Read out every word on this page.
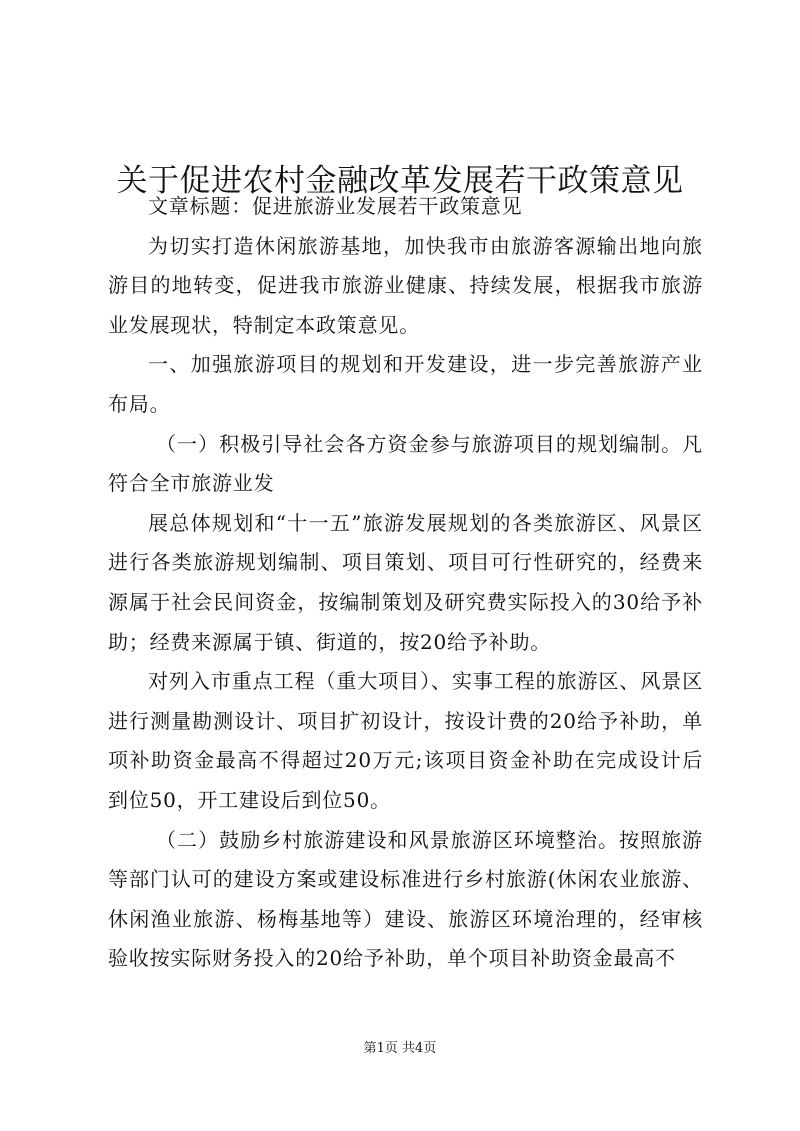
关于促进农村金融改革发展若干政策意见

文章标题：促进旅游业发展若干政策意见

为切实打造休闲旅游基地，加快我市由旅游客源输出地向旅游目的地转变，促进我市旅游业健康、持续发展，根据我市旅游业发展现状，特制定本政策意见。

一、加强旅游项目的规划和开发建设，进一步完善旅游产业布局。

（一）积极引导社会各方资金参与旅游项目的规划编制。凡符合全市旅游业发

展总体规划和“十一五”旅游发展规划的各类旅游区、风景区进行各类旅游规划编制、项目策划、项目可行性研究的，经费来源属于社会民间资金，按编制策划及研究费实际投入的30给予补助；经费来源属于镇、街道的，按20给予补助。

对列入市重点工程（重大项目）、实事工程的旅游区、风景区进行测量勘测设计、项目扩初设计，按设计费的20给予补助，单项补助资金最高不得超过20万元;该项目资金补助在完成设计后到位50，开工建设后到位50。

（二）鼓励乡村旅游建设和风景旅游区环境整治。按照旅游等部门认可的建设方案或建设标准进行乡村旅游(休闲农业旅游、休闲渔业旅游、杨梅基地等）建设、旅游区环境治理的，经审核验收按实际财务投入的20给予补助，单个项目补助资金最高不

第1页 共4页
